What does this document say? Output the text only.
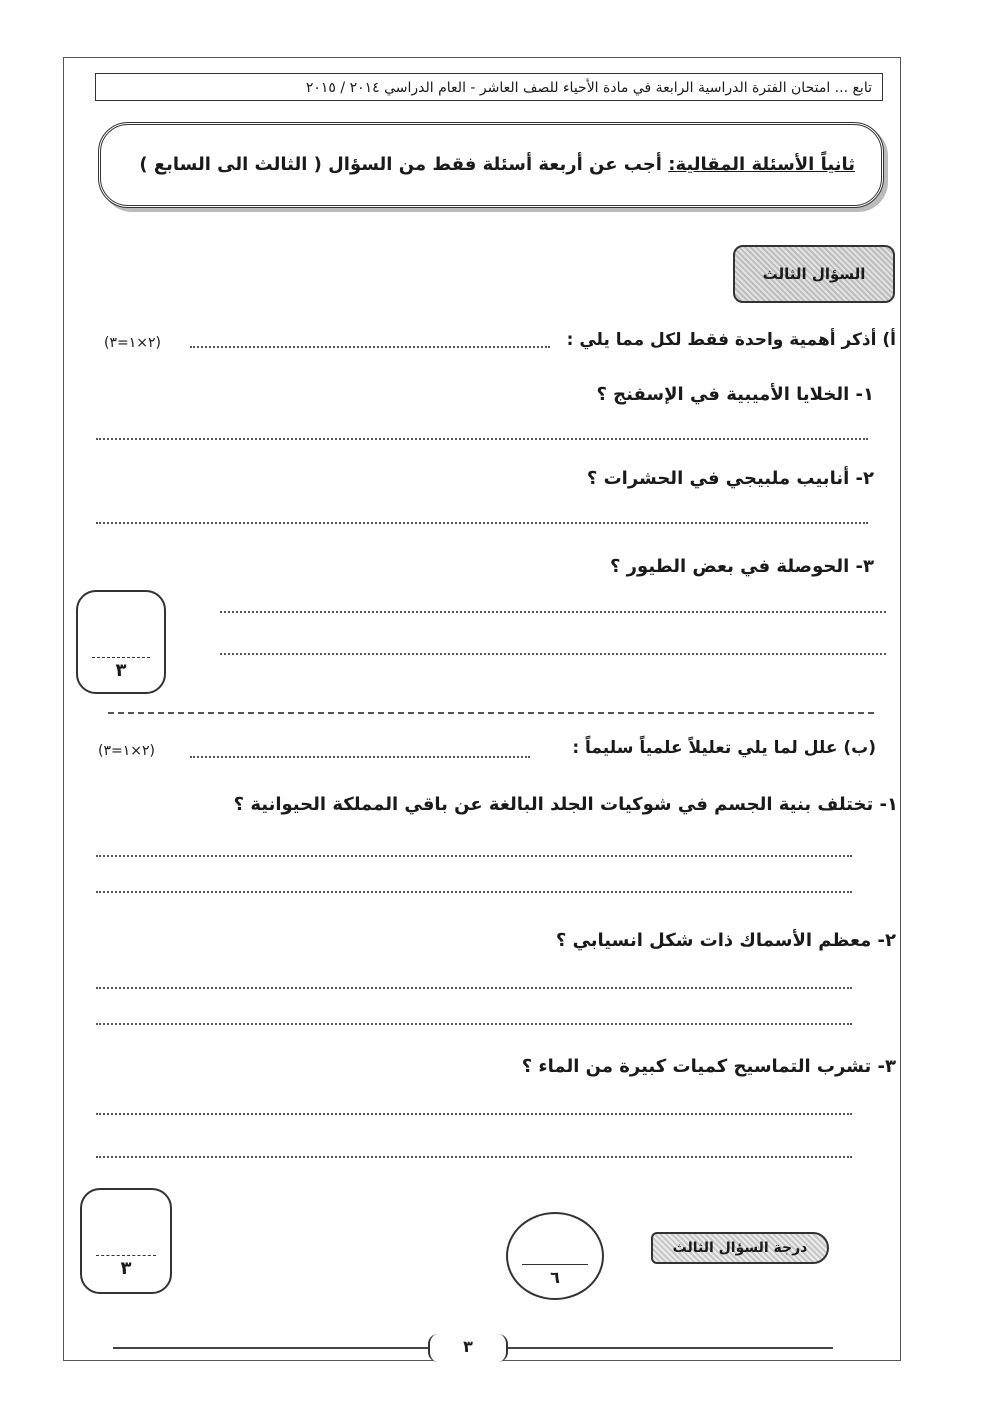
تابع ... امتحان الفترة الدراسية الرابعة في مادة الأحياء للصف العاشر - العام الدراسي ٢٠١٤ / ٢٠١٥
ثانياً الأسئلة المقالية: أجب عن أربعة أسئلة فقط من السؤال ( الثالث الى السابع )
السؤال الثالث
أ) أذكر أهمية واحدة فقط لكل مما يلي :
(٢×١=٣)
١- الخلايا الأميبية في الإسفنج ؟
٢- أنابيب ملبيجي في الحشرات ؟
٣- الحوصلة في بعض الطيور ؟
٣
(ب) علل لما يلي تعليلاً علمياً سليماً :
(٢×١=٣)
١- تختلف بنية الجسم في شوكيات الجلد البالغة عن باقي المملكة الحيوانية ؟
٢- معظم الأسماك ذات شكل انسيابي ؟
٣- تشرب التماسيح كميات كبيرة من الماء ؟
٣
درجة السؤال الثالث
٦
٣
